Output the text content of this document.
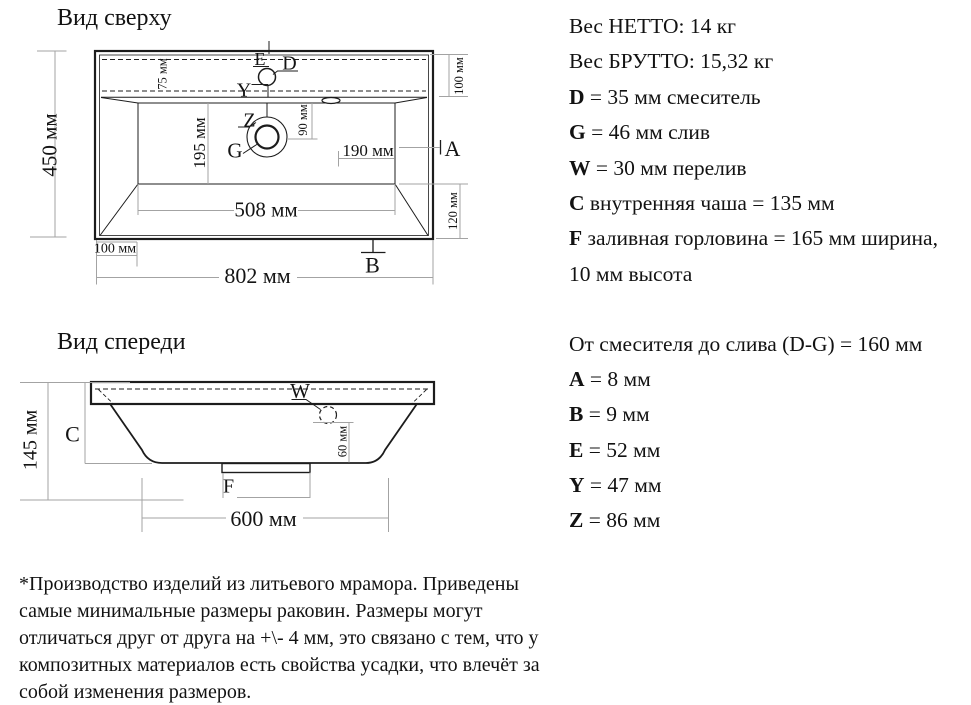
Вид сверху
Вид спереди
E D
Y
Z
G	A
B
450 мм
75 мм	100 мм
195 мм	90 мм
190 мм
508 мм	120 мм
100 мм
802 мм
C
W
F
145 мм	60 мм
600 мм
Вес НЕТТО: 14 кг
Вес БРУТТО: 15,32 кг
D = 35 мм смеситель
G = 46 мм слив
W = 30 мм перелив
C внутренняя чаша = 135 мм
F заливная горловина = 165 мм ширина,
10 мм высота
От смесителя до слива (D-G) = 160 мм
A = 8 мм
B = 9 мм
E = 52 мм
Y = 47 мм
Z = 86 мм
*Производство изделий из литьевого мрамора. Приведены
самые минимальные размеры раковин. Размеры могут
отличаться друг от друга на +\- 4 мм, это связано с тем, что у
композитных материалов есть свойства усадки, что влечёт за
собой изменения размеров.
